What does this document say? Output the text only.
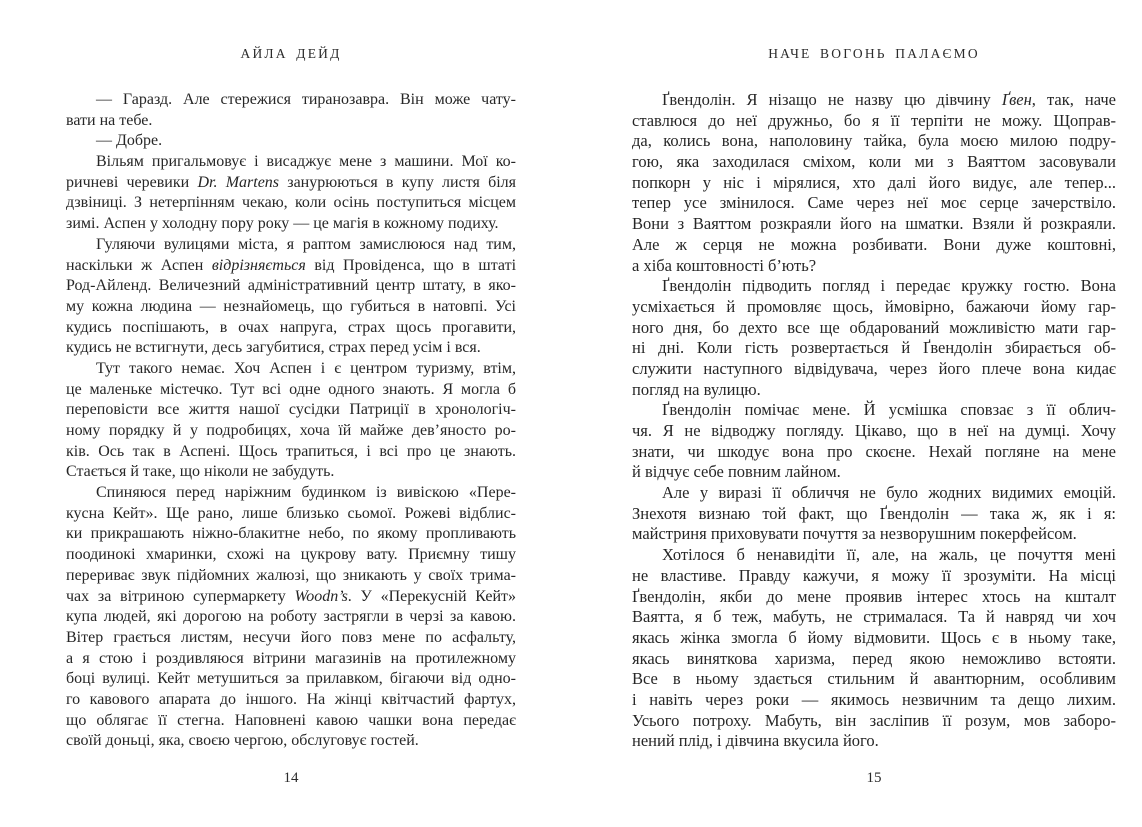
АЙЛА ДЕЙД
— Гаразд. Але стережися тиранозавра. Він може чату-
вати на тебе.
— Добре.
Вільям пригальмовує і висаджує мене з машини. Мої ко-
ричневі черевики Dr. Martens занурюються в купу листя біля
дзвіниці. З нетерпінням чекаю, коли осінь поступиться місцем
зимі. Аспен у холодну пору року — це магія в кожному подиху.
Гуляючи вулицями міста, я раптом замислююся над тим,
наскільки ж Аспен відрізняється від Провіденса, що в штаті
Род-Айленд. Величезний адміністративний центр штату, в яко-
му кожна людина — незнайомець, що губиться в натовпі. Усі
кудись поспішають, в очах напруга, страх щось прогавити,
кудись не встигнути, десь загубитися, страх перед усім і вся.
Тут такого немає. Хоч Аспен і є центром туризму, втім,
це маленьке містечко. Тут всі одне одного знають. Я могла б
переповісти все життя нашої сусідки Патриції в хронологіч-
ному порядку й у подробицях, хоча їй майже дев’яносто ро-
ків. Ось так в Аспені. Щось трапиться, і всі про це знають.
Стається й таке, що ніколи не забудуть.
Спиняюся перед наріжним будинком із вивіскою «Пере-
кусна Кейт». Ще рано, лише близько сьомої. Рожеві відблис-
ки прикрашають ніжно-блакитне небо, по якому пропливають
поодинокі хмаринки, схожі на цукрову вату. Приємну тишу
перериває звук підйомних жалюзі, що зникають у своїх трима-
чах за вітриною супермаркету Woodn’s. У «Перекусній Кейт»
купа людей, які дорогою на роботу застрягли в черзі за кавою.
Вітер грається листям, несучи його повз мене по асфальту,
а я стою і роздивляюся вітрини магазинів на протилежному
боці вулиці. Кейт метушиться за прилавком, бігаючи від одно-
го кавового апарата до іншого. На жінці квітчастий фартух,
що облягає її стегна. Наповнені кавою чашки вона передає
своїй доньці, яка, своєю чергою, обслуговує гостей.
14
НАЧЕ ВОГОНЬ ПАЛАЄМО
Ґвендолін. Я нізащо не назву цю дівчину Ґвен, так, наче
ставлюся до неї дружньо, бо я її терпіти не можу. Щоправ-
да, колись вона, наполовину тайка, була моєю милою подру-
гою, яка заходилася сміхом, коли ми з Ваяттом засовували
попкорн у ніс і мірялися, хто далі його видує, але тепер...
тепер усе змінилося. Саме через неї моє серце зачерствіло.
Вони з Ваяттом розкраяли його на шматки. Взяли й розкраяли.
Але ж серця не можна розбивати. Вони дуже коштовні,
а хіба коштовності б’ють?
Ґвендолін підводить погляд і передає кружку гостю. Вона
усміхається й промовляє щось, ймовірно, бажаючи йому гар-
ного дня, бо дехто все ще обдарований можливістю мати гар-
ні дні. Коли гість розвертається й Ґвендолін збирається об-
служити наступного відвідувача, через його плече вона кидає
погляд на вулицю.
Ґвендолін помічає мене. Й усмішка сповзає з її облич-
чя. Я не відводжу погляду. Цікаво, що в неї на думці. Хочу
знати, чи шкодує вона про скоєне. Нехай погляне на мене
й відчує себе повним лайном.
Але у виразі її обличчя не було жодних видимих емоцій.
Знехотя визнаю той факт, що Ґвендолін — така ж, як і я:
майстриня приховувати почуття за незворушним покерфейсом.
Хотілося б ненавидіти її, але, на жаль, це почуття мені
не властиве. Правду кажучи, я можу її зрозуміти. На місці
Ґвендолін, якби до мене проявив інтерес хтось на кшталт
Ваятта, я б теж, мабуть, не стрималася. Та й навряд чи хоч
якась жінка змогла б йому відмовити. Щось є в ньому таке,
якась виняткова харизма, перед якою неможливо встояти.
Все в ньому здається стильним й авантюрним, особливим
і навіть через роки — якимось незвичним та дещо лихим.
Усього потроху. Мабуть, він засліпив її розум, мов заборо-
нений плід, і дівчина вкусила його.
15
